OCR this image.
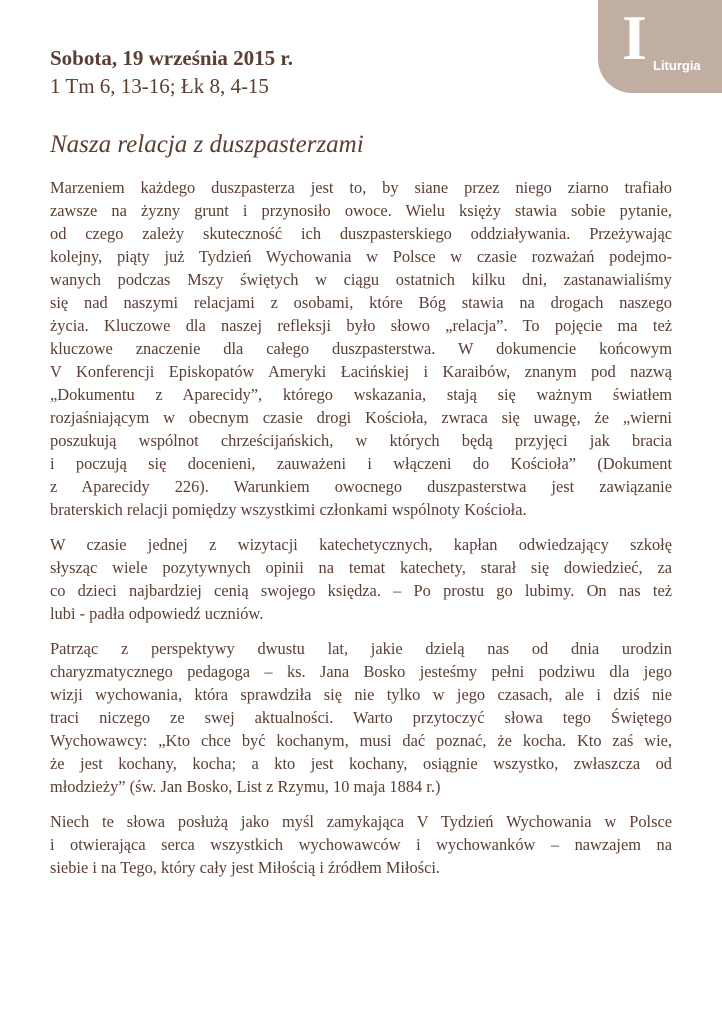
I Liturgia
Sobota, 19 września 2015 r.
1 Tm 6, 13-16; Łk 8, 4-15
Nasza relacja z duszpasterzami
Marzeniem każdego duszpasterza jest to, by siane przez niego ziarno trafiało
zawsze na żyzny grunt i przynosiło owoce. Wielu księży stawia sobie pytanie,
od czego zależy skuteczność ich duszpasterskiego oddziaływania. Przeżywając
kolejny, piąty już Tydzień Wychowania w Polsce w czasie rozważań podejmo-
wanych podczas Mszy świętych w ciągu ostatnich kilku dni, zastanawialiśmy
się nad naszymi relacjami z osobami, które Bóg stawia na drogach naszego
życia. Kluczowe dla naszej refleksji było słowo „relacja”. To pojęcie ma też
kluczowe znaczenie dla całego duszpasterstwa. W dokumencie końcowym
V Konferencji Episkopatów Ameryki Łacińskiej i Karaibów, znanym pod nazwą
„Dokumentu z Aparecidy”, którego wskazania, stają się ważnym światłem
rozjaśniającym w obecnym czasie drogi Kościoła, zwraca się uwagę, że „wierni
poszukują wspólnot chrześcijańskich, w których będą przyjęci jak bracia
i poczują się docenieni, zauważeni i włączeni do Kościoła” (Dokument
z Aparecidy 226). Warunkiem owocnego duszpasterstwa jest zawiązanie
braterskich relacji pomiędzy wszystkimi członkami wspólnoty Kościoła.
W czasie jednej z wizytacji katechetycznych, kapłan odwiedzający szkołę
słysząc wiele pozytywnych opinii na temat katechety, starał się dowiedzieć, za
co dzieci najbardziej cenią swojego księdza. – Po prostu go lubimy. On nas też
lubi - padła odpowiedź uczniów.
Patrząc z perspektywy dwustu lat, jakie dzielą nas od dnia urodzin
charyzmatycznego pedagoga – ks. Jana Bosko jesteśmy pełni podziwu dla jego
wizji wychowania, która sprawdziła się nie tylko w jego czasach, ale i dziś nie
traci niczego ze swej aktualności. Warto przytoczyć słowa tego Świętego
Wychowawcy: „Kto chce być kochanym, musi dać poznać, że kocha. Kto zaś wie,
że jest kochany, kocha; a kto jest kochany, osiągnie wszystko, zwłaszcza od
młodzieży” (św. Jan Bosko, List z Rzymu, 10 maja 1884 r.)
Niech te słowa posłużą jako myśl zamykająca V Tydzień Wychowania w Polsce
i otwierająca serca wszystkich wychowawców i wychowanków – nawzajem na
siebie i na Tego, który cały jest Miłością i źródłem Miłości.
